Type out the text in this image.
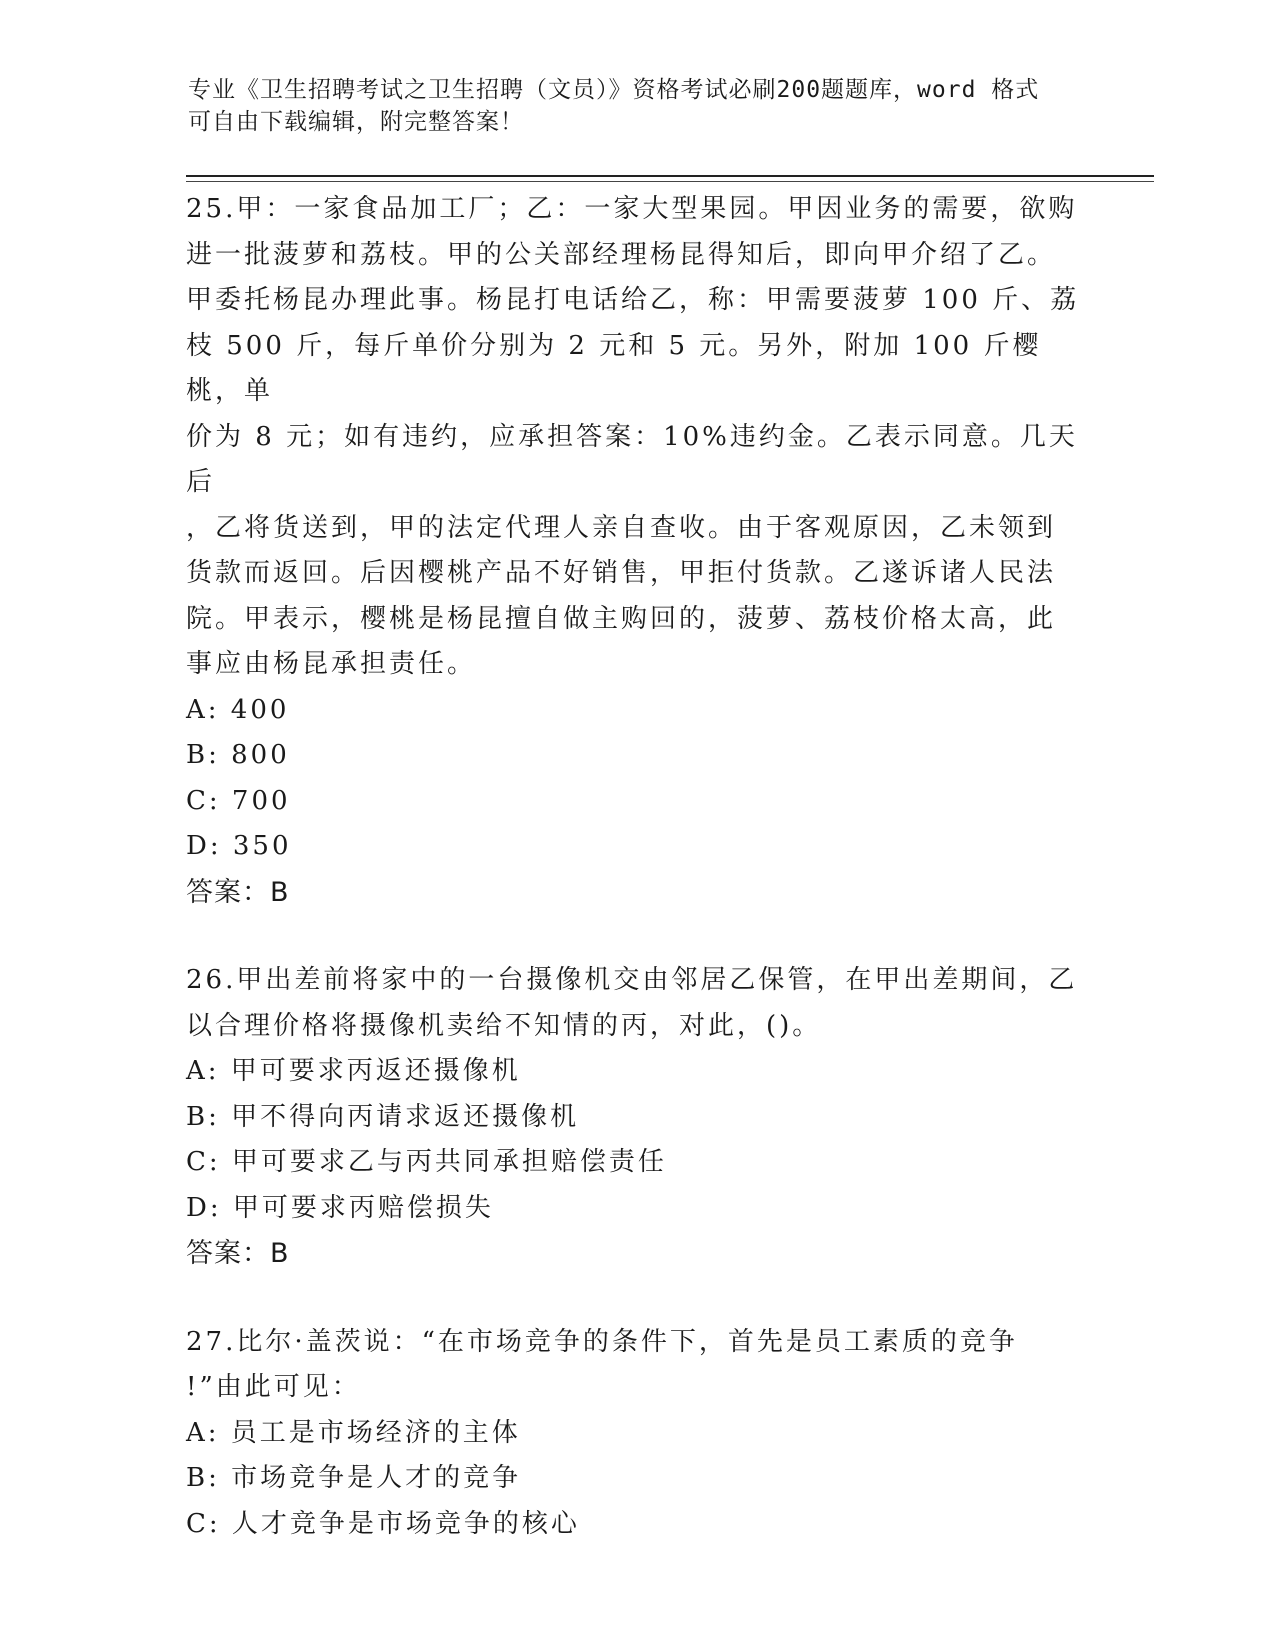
专业《卫生招聘考试之卫生招聘（文员）》资格考试必刷200题题库，word 格式
可自由下载编辑，附完整答案！
25.甲：一家食品加工厂；乙：一家大型果园。甲因业务的需要，欲购
进一批菠萝和荔枝。甲的公关部经理杨昆得知后，即向甲介绍了乙。
甲委托杨昆办理此事。杨昆打电话给乙，称：甲需要菠萝 100 斤、荔
枝 500 斤，每斤单价分别为 2 元和 5 元。另外，附加 100 斤樱桃，单
价为 8 元；如有违约，应承担答案：10%违约金。乙表示同意。几天后
，乙将货送到，甲的法定代理人亲自查收。由于客观原因，乙未领到
货款而返回。后因樱桃产品不好销售，甲拒付货款。乙遂诉诸人民法
院。甲表示，樱桃是杨昆擅自做主购回的，菠萝、荔枝价格太高，此
事应由杨昆承担责任。
A: 400
B: 800
C: 700
D: 350
答案：B
26.甲出差前将家中的一台摄像机交由邻居乙保管，在甲出差期间，乙
以合理价格将摄像机卖给不知情的丙，对此，()。
A: 甲可要求丙返还摄像机
B: 甲不得向丙请求返还摄像机
C: 甲可要求乙与丙共同承担赔偿责任
D: 甲可要求丙赔偿损失
答案：B
27.比尔·盖茨说：“在市场竞争的条件下，首先是员工素质的竞争
!”由此可见：
A: 员工是市场经济的主体
B: 市场竞争是人才的竞争
C: 人才竞争是市场竞争的核心
